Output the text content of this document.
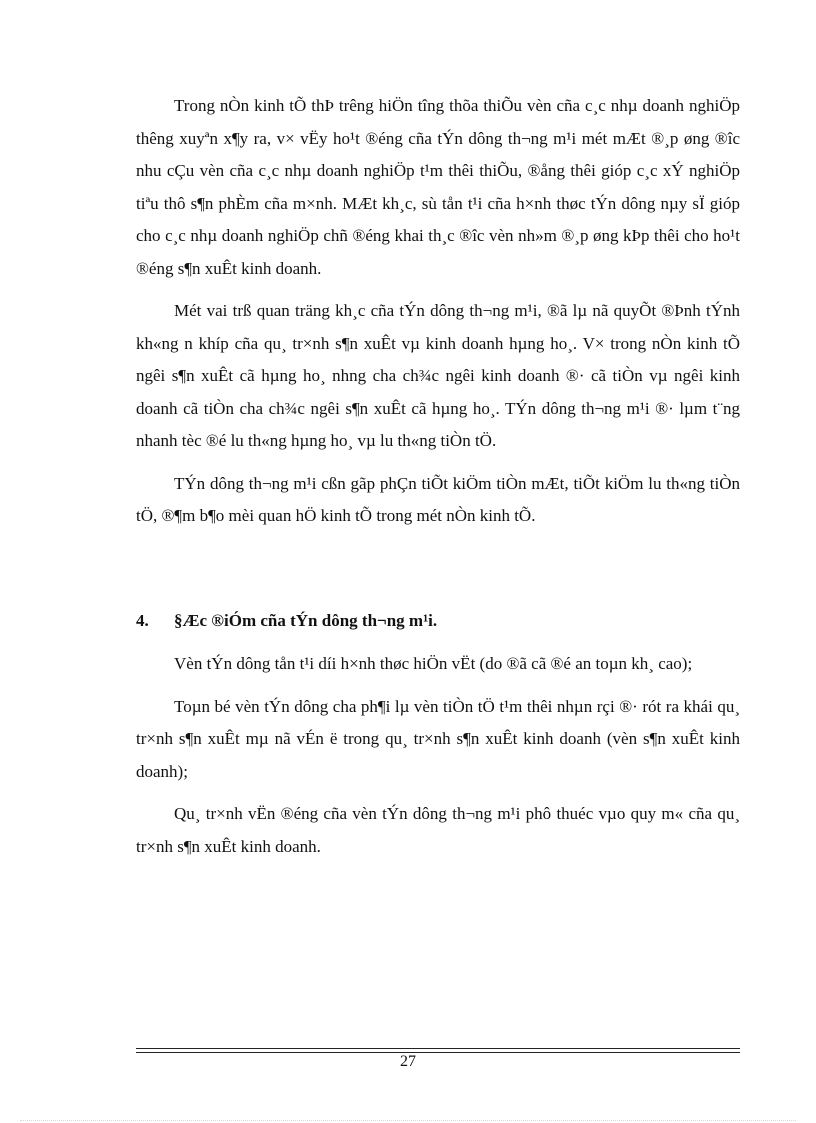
Trong nÒn kinh tÕ thÞ trêng hiÖn tîng thõa thiÕu vèn cña c¸c nhµ doanh nghiÖp thêng xuyªn x¶y ra, v× vËy ho¹t ®éng cña tÝn dông th¬ng m¹i mét mÆt ®¸p øng ®îc nhu cÇu vèn cña c¸c nhµ doanh nghiÖp t¹m thêi thiÕu, ®ång thêi gióp c¸c xÝ nghiÖp tiªu thô s¶n phÈm cña m×nh. MÆt kh¸c, sù tån t¹i cña h×nh thøc tÝn dông nµy sÏ gióp cho c¸c nhµ doanh nghiÖp chñ ®éng khai th¸c ®îc vèn nh»m ®¸p øng kÞp thêi cho ho¹t ®éng s¶n xuÊt kinh doanh.

Mét vai trß quan träng kh¸c cña tÝn dông th¬ng m¹i, ®ã lµ nã quyÕt ®Þnh tÝnh kh«ng n khíp cña qu¸ tr×nh s¶n xuÊt vµ kinh doanh hµng ho¸. V× trong nÒn kinh tÕ ngêi s¶n xuÊt cã hµng ho¸ nhng cha ch¾c ngêi kinh doanh ®· cã tiÒn vµ ngêi kinh doanh cã tiÒn cha ch¾c ngêi s¶n xuÊt cã hµng ho¸. TÝn dông th¬ng m¹i ®· lµm t¨ng nhanh tèc ®é lu th«ng hµng ho¸ vµ lu th«ng tiÒn tÖ.

TÝn dông th¬ng m¹i cßn gãp phÇn tiÕt kiÖm tiÒn mÆt, tiÕt kiÖm lu th«ng tiÒn tÖ, ®¶m b¶o mèi quan hÖ kinh tÕ trong mét nÒn kinh tÕ.

4.	§Æc ®iÓm cña tÝn dông th¬ng m¹i.

Vèn tÝn dông tån t¹i díi h×nh thøc hiÖn vËt (do ®ã cã ®é an toµn kh¸ cao);

Toµn bé vèn tÝn dông cha ph¶i lµ vèn tiÒn tÖ t¹m thêi nhµn rçi ®· rót ra khái qu¸ tr×nh s¶n xuÊt mµ nã vÉn ë trong qu¸ tr×nh s¶n xuÊt kinh doanh (vèn s¶n xuÊt kinh doanh);

Qu¸ tr×nh vËn ®éng cña vèn tÝn dông th¬ng m¹i phô thuéc vµo quy m« cña qu¸ tr×nh s¶n xuÊt kinh doanh.

27
